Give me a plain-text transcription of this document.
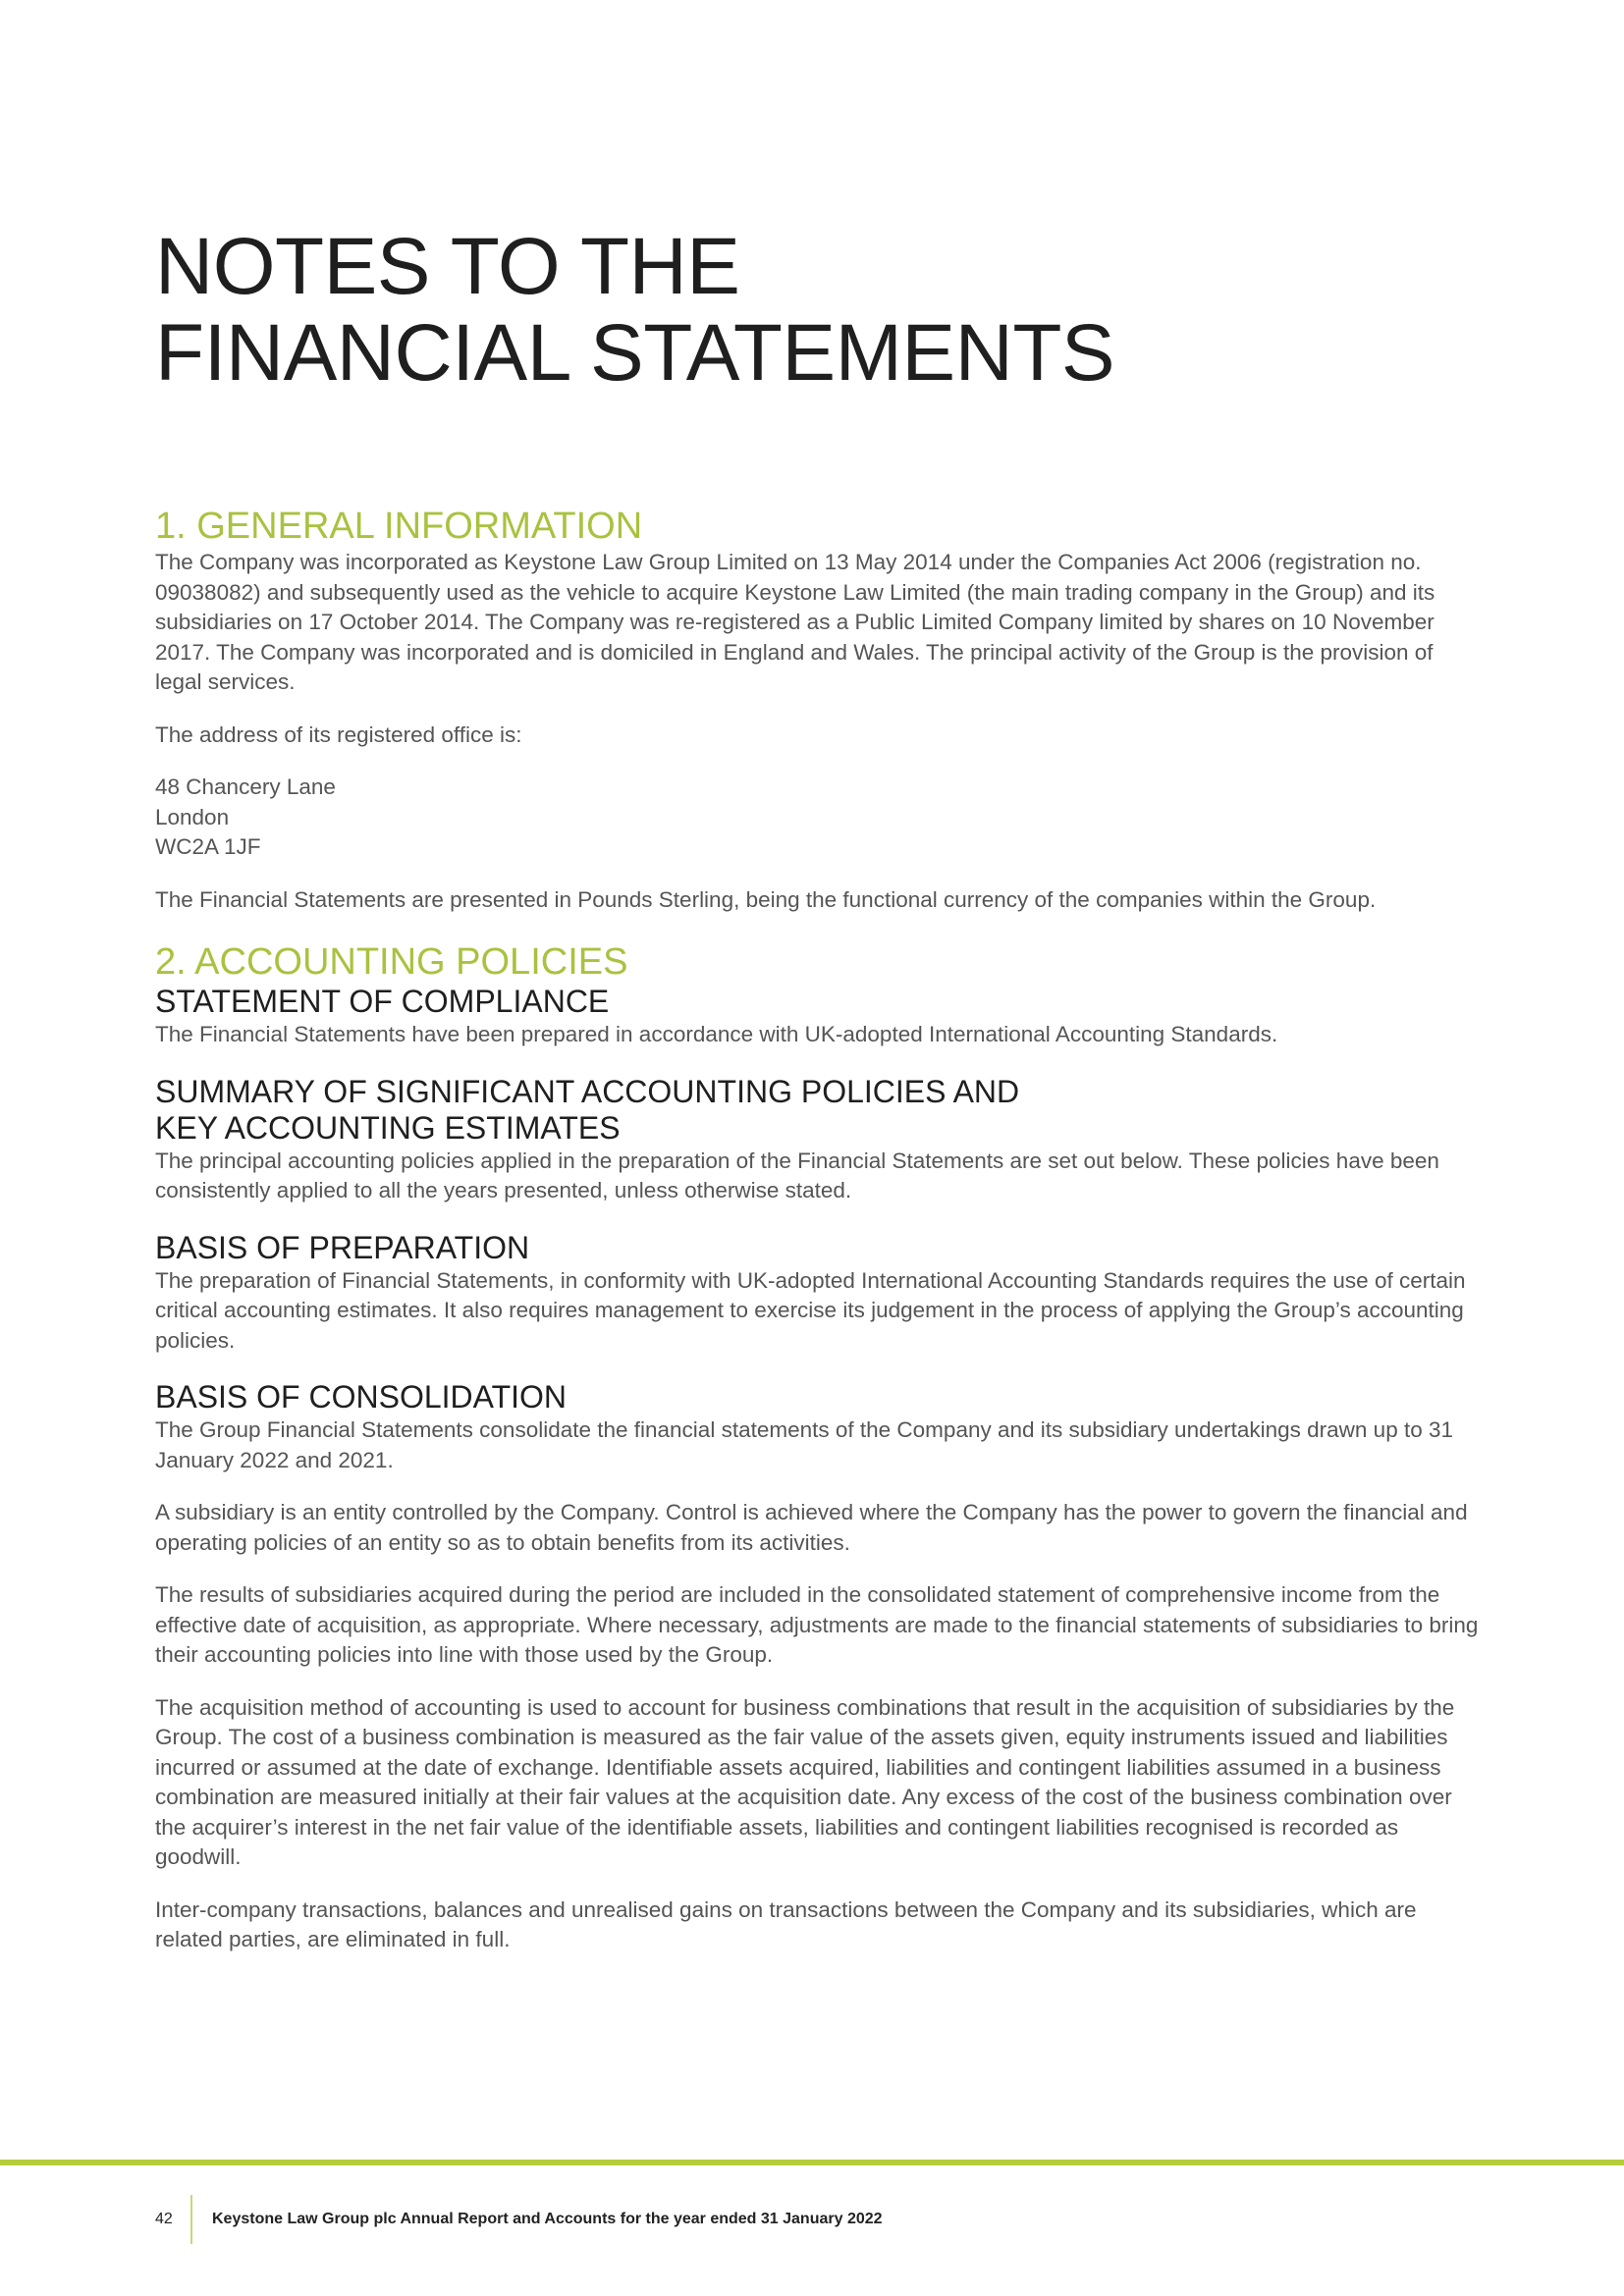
NOTES TO THE
FINANCIAL STATEMENTS
1. GENERAL INFORMATION

The Company was incorporated as Keystone Law Group Limited on 13 May 2014 under the Companies Act 2006 (registration no. 09038082) and subsequently used as the vehicle to acquire Keystone Law Limited (the main trading company in the Group) and its subsidiaries on 17 October 2014. The Company was re-registered as a Public Limited Company limited by shares on 10 November 2017. The Company was incorporated and is domiciled in England and Wales. The principal activity of the Group is the provision of legal services.

The address of its registered office is:

48 Chancery Lane
London
WC2A 1JF

The Financial Statements are presented in Pounds Sterling, being the functional currency of the companies within the Group.

2. ACCOUNTING POLICIES
STATEMENT OF COMPLIANCE

The Financial Statements have been prepared in accordance with UK-adopted International Accounting Standards.

SUMMARY OF SIGNIFICANT ACCOUNTING POLICIES AND
KEY ACCOUNTING ESTIMATES

The principal accounting policies applied in the preparation of the Financial Statements are set out below. These policies have been consistently applied to all the years presented, unless otherwise stated.

BASIS OF PREPARATION

The preparation of Financial Statements, in conformity with UK-adopted International Accounting Standards requires the use of certain critical accounting estimates. It also requires management to exercise its judgement in the process of applying the Group’s accounting policies.

BASIS OF CONSOLIDATION

The Group Financial Statements consolidate the financial statements of the Company and its subsidiary undertakings drawn up to 31 January 2022 and 2021.

A subsidiary is an entity controlled by the Company. Control is achieved where the Company has the power to govern the financial and operating policies of an entity so as to obtain benefits from its activities.

The results of subsidiaries acquired during the period are included in the consolidated statement of comprehensive income from the effective date of acquisition, as appropriate. Where necessary, adjustments are made to the financial statements of subsidiaries to bring their accounting policies into line with those used by the Group.

The acquisition method of accounting is used to account for business combinations that result in the acquisition of subsidiaries by the Group. The cost of a business combination is measured as the fair value of the assets given, equity instruments issued and liabilities incurred or assumed at the date of exchange. Identifiable assets acquired, liabilities and contingent liabilities assumed in a business combination are measured initially at their fair values at the acquisition date. Any excess of the cost of the business combination over the acquirer’s interest in the net fair value of the identifiable assets, liabilities and contingent liabilities recognised is recorded as goodwill.

Inter-company transactions, balances and unrealised gains on transactions between the Company and its subsidiaries, which are related parties, are eliminated in full.

42	Keystone Law Group plc Annual Report and Accounts for the year ended 31 January 2022
